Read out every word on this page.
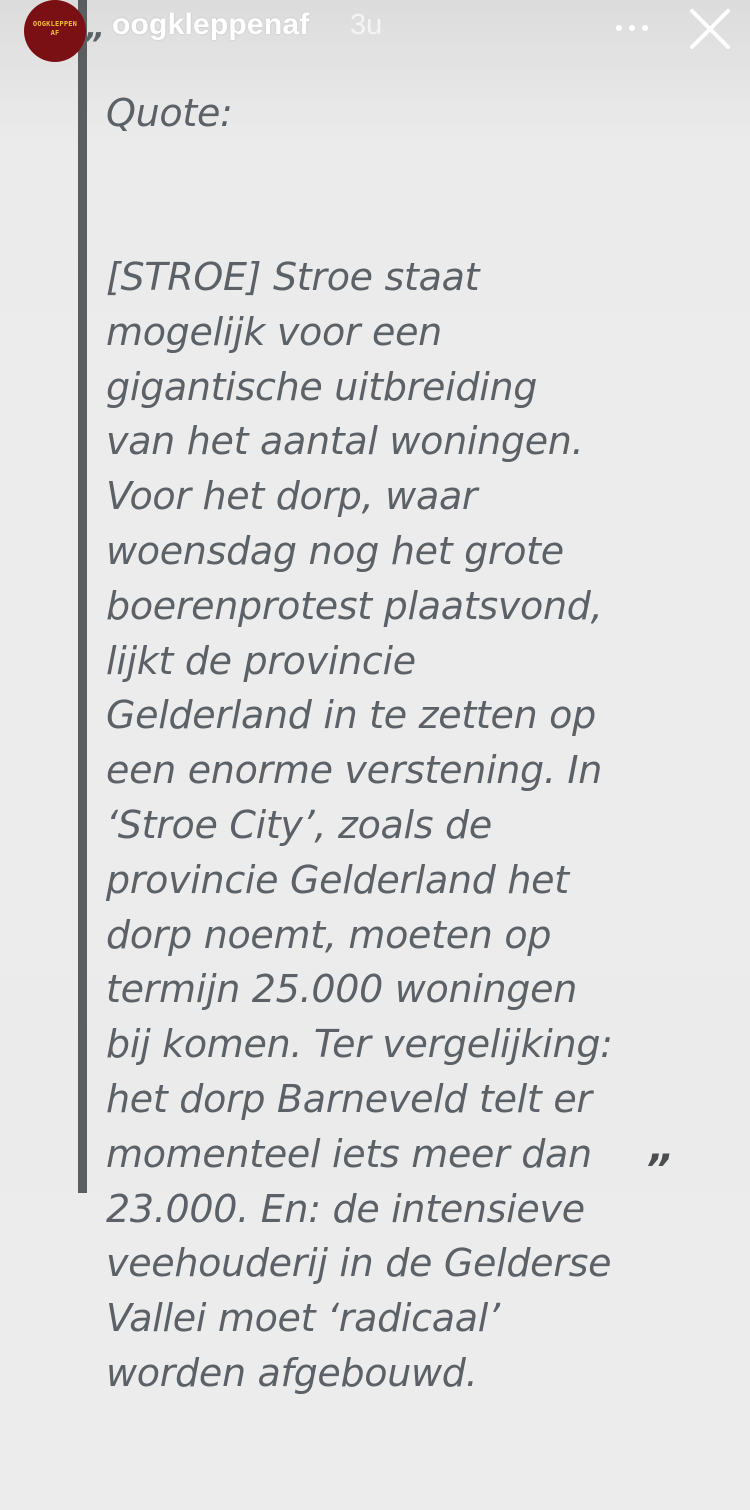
„

Quote:

[STROE] Stroe staat
mogelijk voor een
gigantische uitbreiding
van het aantal woningen.
Voor het dorp, waar
woensdag nog het grote
boerenprotest plaatsvond,
lijkt de provincie
Gelderland in te zetten op
een enorme verstening. In
‘Stroe City’, zoals de
provincie Gelderland het
dorp noemt, moeten op
termijn 25.000 woningen
bij komen. Ter vergelijking:
het dorp Barneveld telt er
momenteel iets meer dan
23.000. En: de intensieve
veehouderij in de Gelderse
Vallei moet ‘radicaal’
worden afgebouwd.

”
OOGKLEPPEN
AF	oogkleppenaf 3u
